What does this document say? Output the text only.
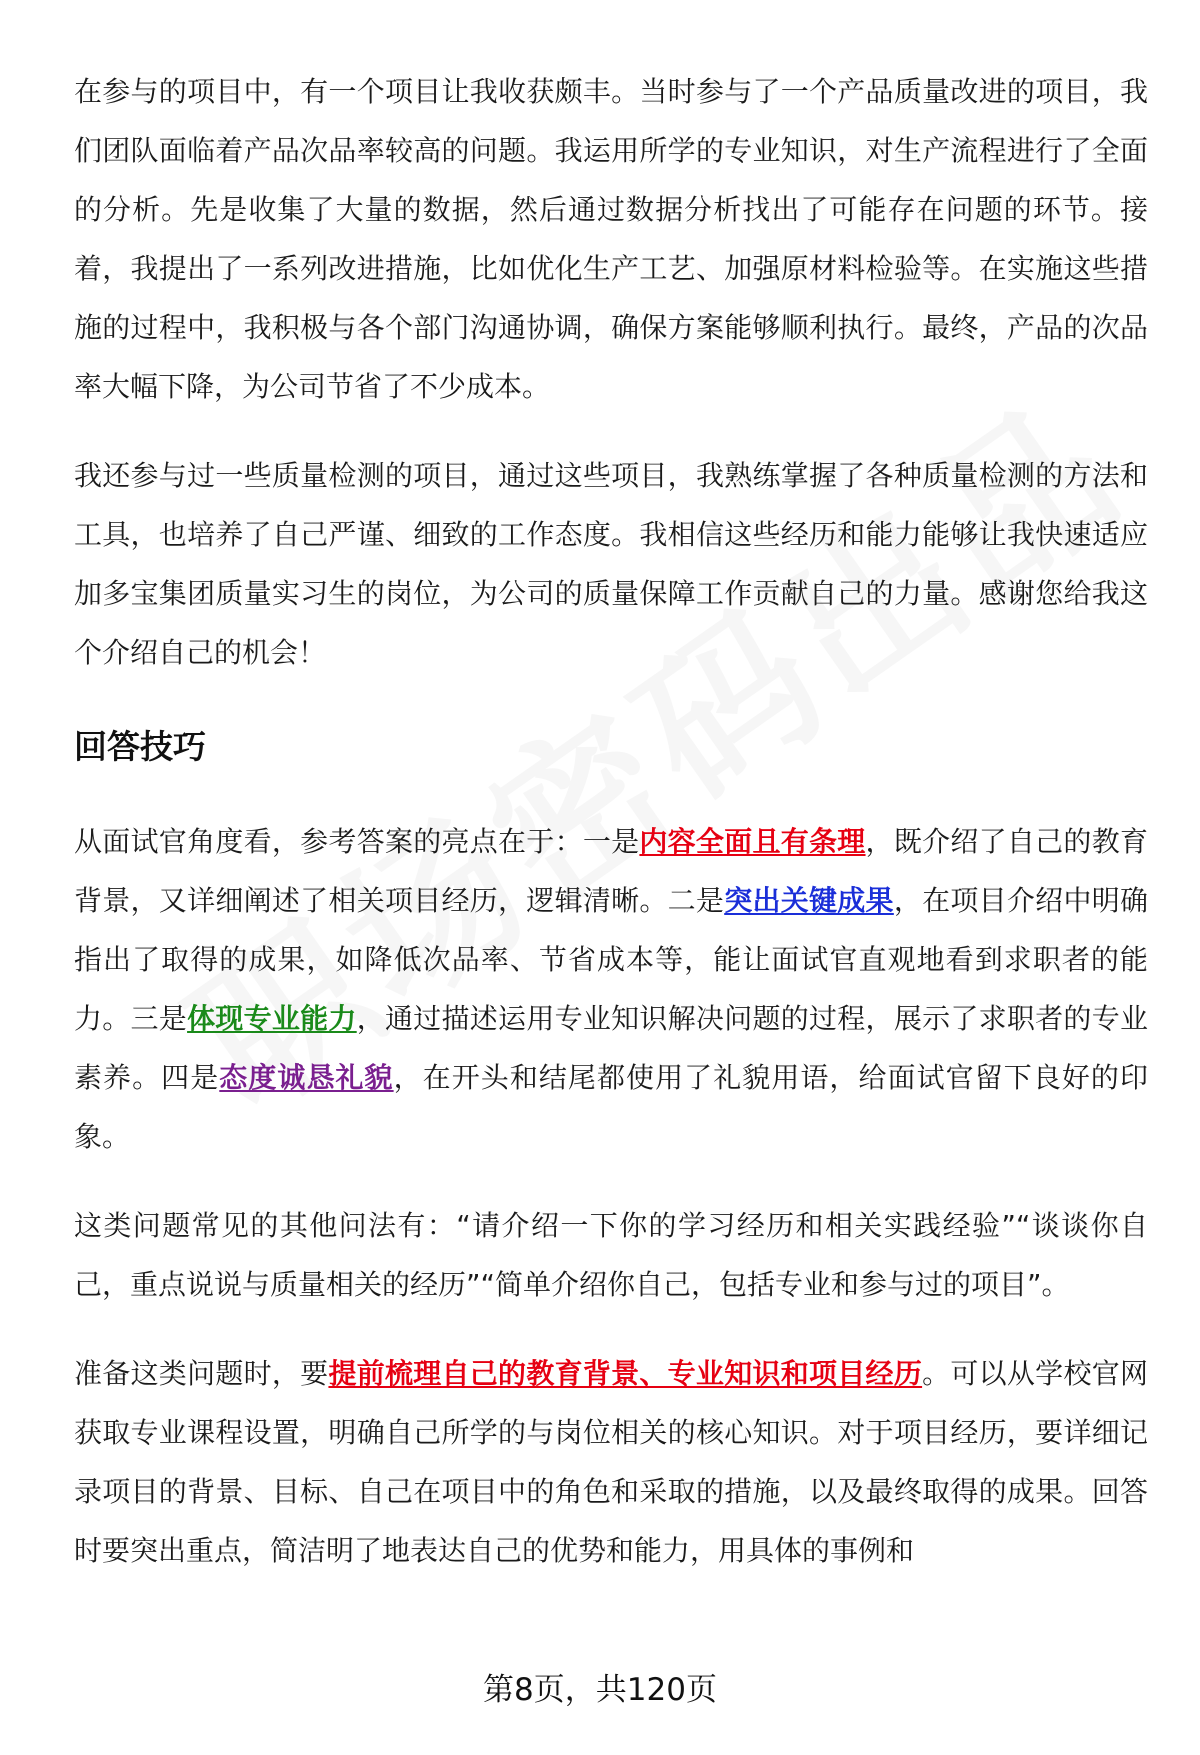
在参与的项目中，有一个项目让我收获颇丰。当时参与了一个产品质量改进的项目，我们团队面临着产品次品率较高的问题。我运用所学的专业知识，对生产流程进行了全面的分析。先是收集了大量的数据，然后通过数据分析找出了可能存在问题的环节。接着，我提出了一系列改进措施，比如优化生产工艺、加强原材料检验等。在实施这些措施的过程中，我积极与各个部门沟通协调，确保方案能够顺利执行。最终，产品的次品率大幅下降，为公司节省了不少成本。

我还参与过一些质量检测的项目，通过这些项目，我熟练掌握了各种质量检测的方法和工具，也培养了自己严谨、细致的工作态度。我相信这些经历和能力能够让我快速适应加多宝集团质量实习生的岗位，为公司的质量保障工作贡献自己的力量。感谢您给我这个介绍自己的机会！

回答技巧

从面试官角度看，参考答案的亮点在于：一是内容全面且有条理，既介绍了自己的教育背景，又详细阐述了相关项目经历，逻辑清晰。二是突出关键成果，在项目介绍中明确指出了取得的成果，如降低次品率、节省成本等，能让面试官直观地看到求职者的能力。三是体现专业能力，通过描述运用专业知识解决问题的过程，展示了求职者的专业素养。四是态度诚恳礼貌，在开头和结尾都使用了礼貌用语，给面试官留下良好的印象。

这类问题常见的其他问法有：“请介绍一下你的学习经历和相关实践经验”“谈谈你自己，重点说说与质量相关的经历”“简单介绍你自己，包括专业和参与过的项目”。

准备这类问题时，要提前梳理自己的教育背景、专业知识和项目经历。可以从学校官网获取专业课程设置，明确自己所学的与岗位相关的核心知识。对于项目经历，要详细记录项目的背景、目标、自己在项目中的角色和采取的措施，以及最终取得的成果。回答时要突出重点，简洁明了地表达自己的优势和能力，用具体的事例和

第8页，共120页
